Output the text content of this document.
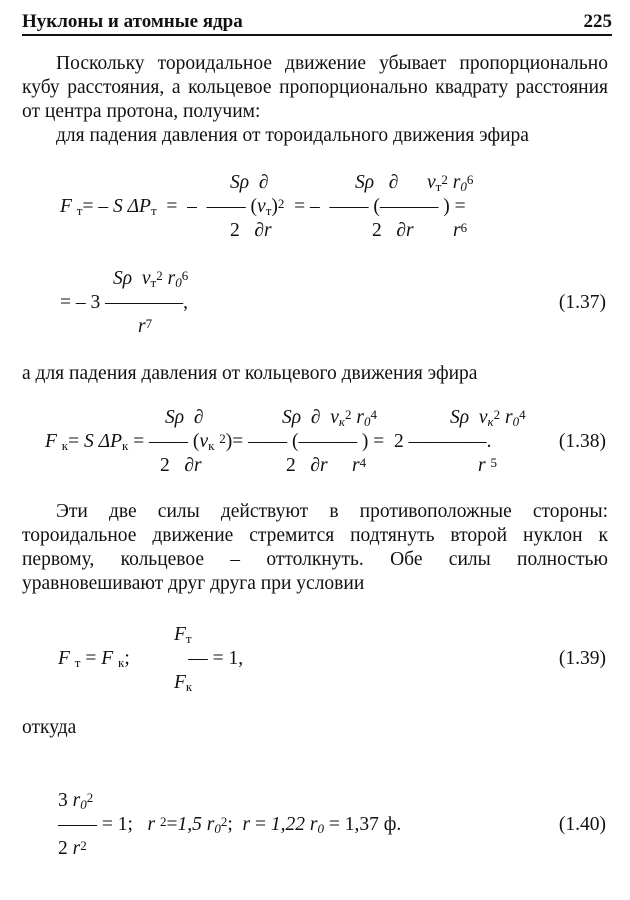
Нуклоны и атомные ядра	225

Поскольку тороидальное движение убывает пропорционально кубу расстояния, а кольцевое пропорционально квадрату расстояния от центра протона, получим:

для падения давления от тороидального движения эфира

Sρ ∂	Sρ ∂ $v_т^2$ $r_0^6$
F $_т$= – S $\Delta P_т$  =  –  —— $(v_т)^2$  = –  —— (——— ) =
2   ∂r	2   ∂r $r^6$
Sρ $v_т^2$ $r_0^6$
= – 3 ————,
$r^7$
(1.37)

а для падения давления от кольцевого движения эфира

Sρ ∂	Sρ ∂ $v_к^2$ $r_0^4$	Sρ $v_к^2$ $r_0^4$
F $_к$= S $\Delta P_к$ = —— ($v_к$ $^2$)= —— (——— ) =  2 ————.	(1.38)
2   ∂r	2   ∂r $r^4$	r $^5$

Эти две силы действуют в противоположные стороны: тороидальное движение стремится подтянуть второй нуклон к первому, кольцевое – оттолкнуть. Обе силы полностью уравновешивают друг друга при условии

$F_т$
F $_т$ = F $_к$;            — = 1,	(1.39)
$F_к$

откуда

3 $r_0^2$
—— = 1;   r $^2$=1,5 $r_0^2$;  r = 1,22 $r_0 = 1,37$ ф.	(1.40)
2 $r^2$
